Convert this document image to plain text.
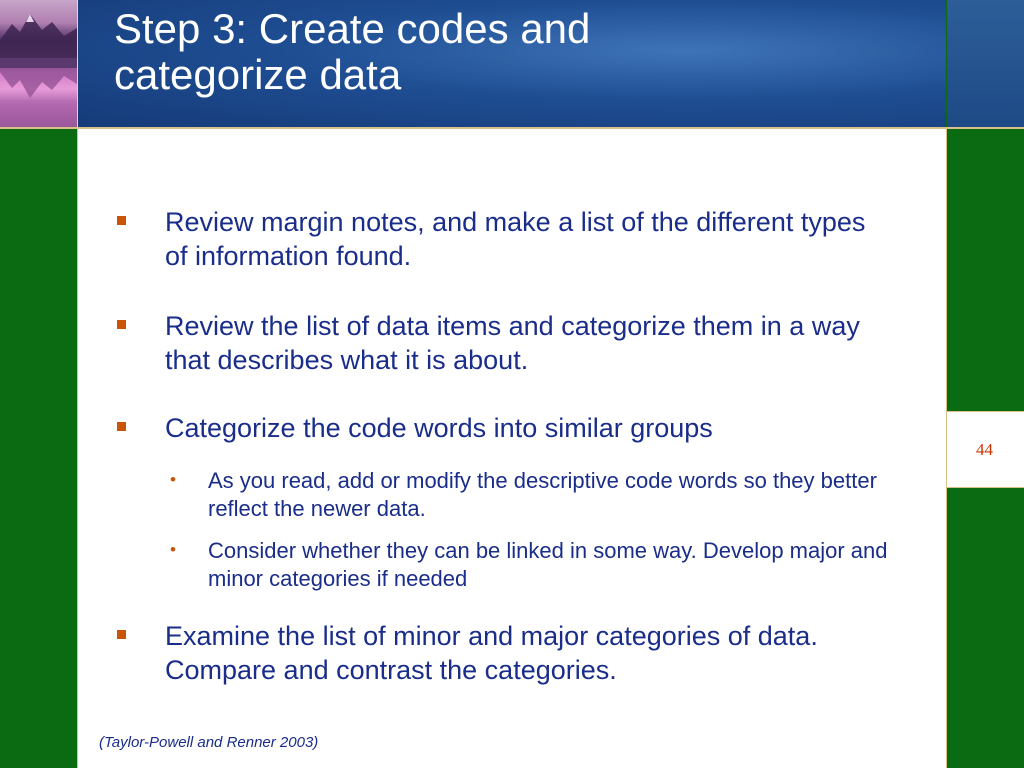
Step 3: Create codes and
categorize data
44
Review margin notes, and make a list of the different types of information found.
Review the list of data items and categorize them in a way that describes what it is about.
Categorize the code words into similar groups
• As you read, add or modify the descriptive code words so they better reflect the newer data.
• Consider whether they can be linked in some way. Develop major and minor categories if needed
Examine the list of minor and major categories of data. Compare and contrast the categories.
(Taylor-Powell and Renner 2003)
